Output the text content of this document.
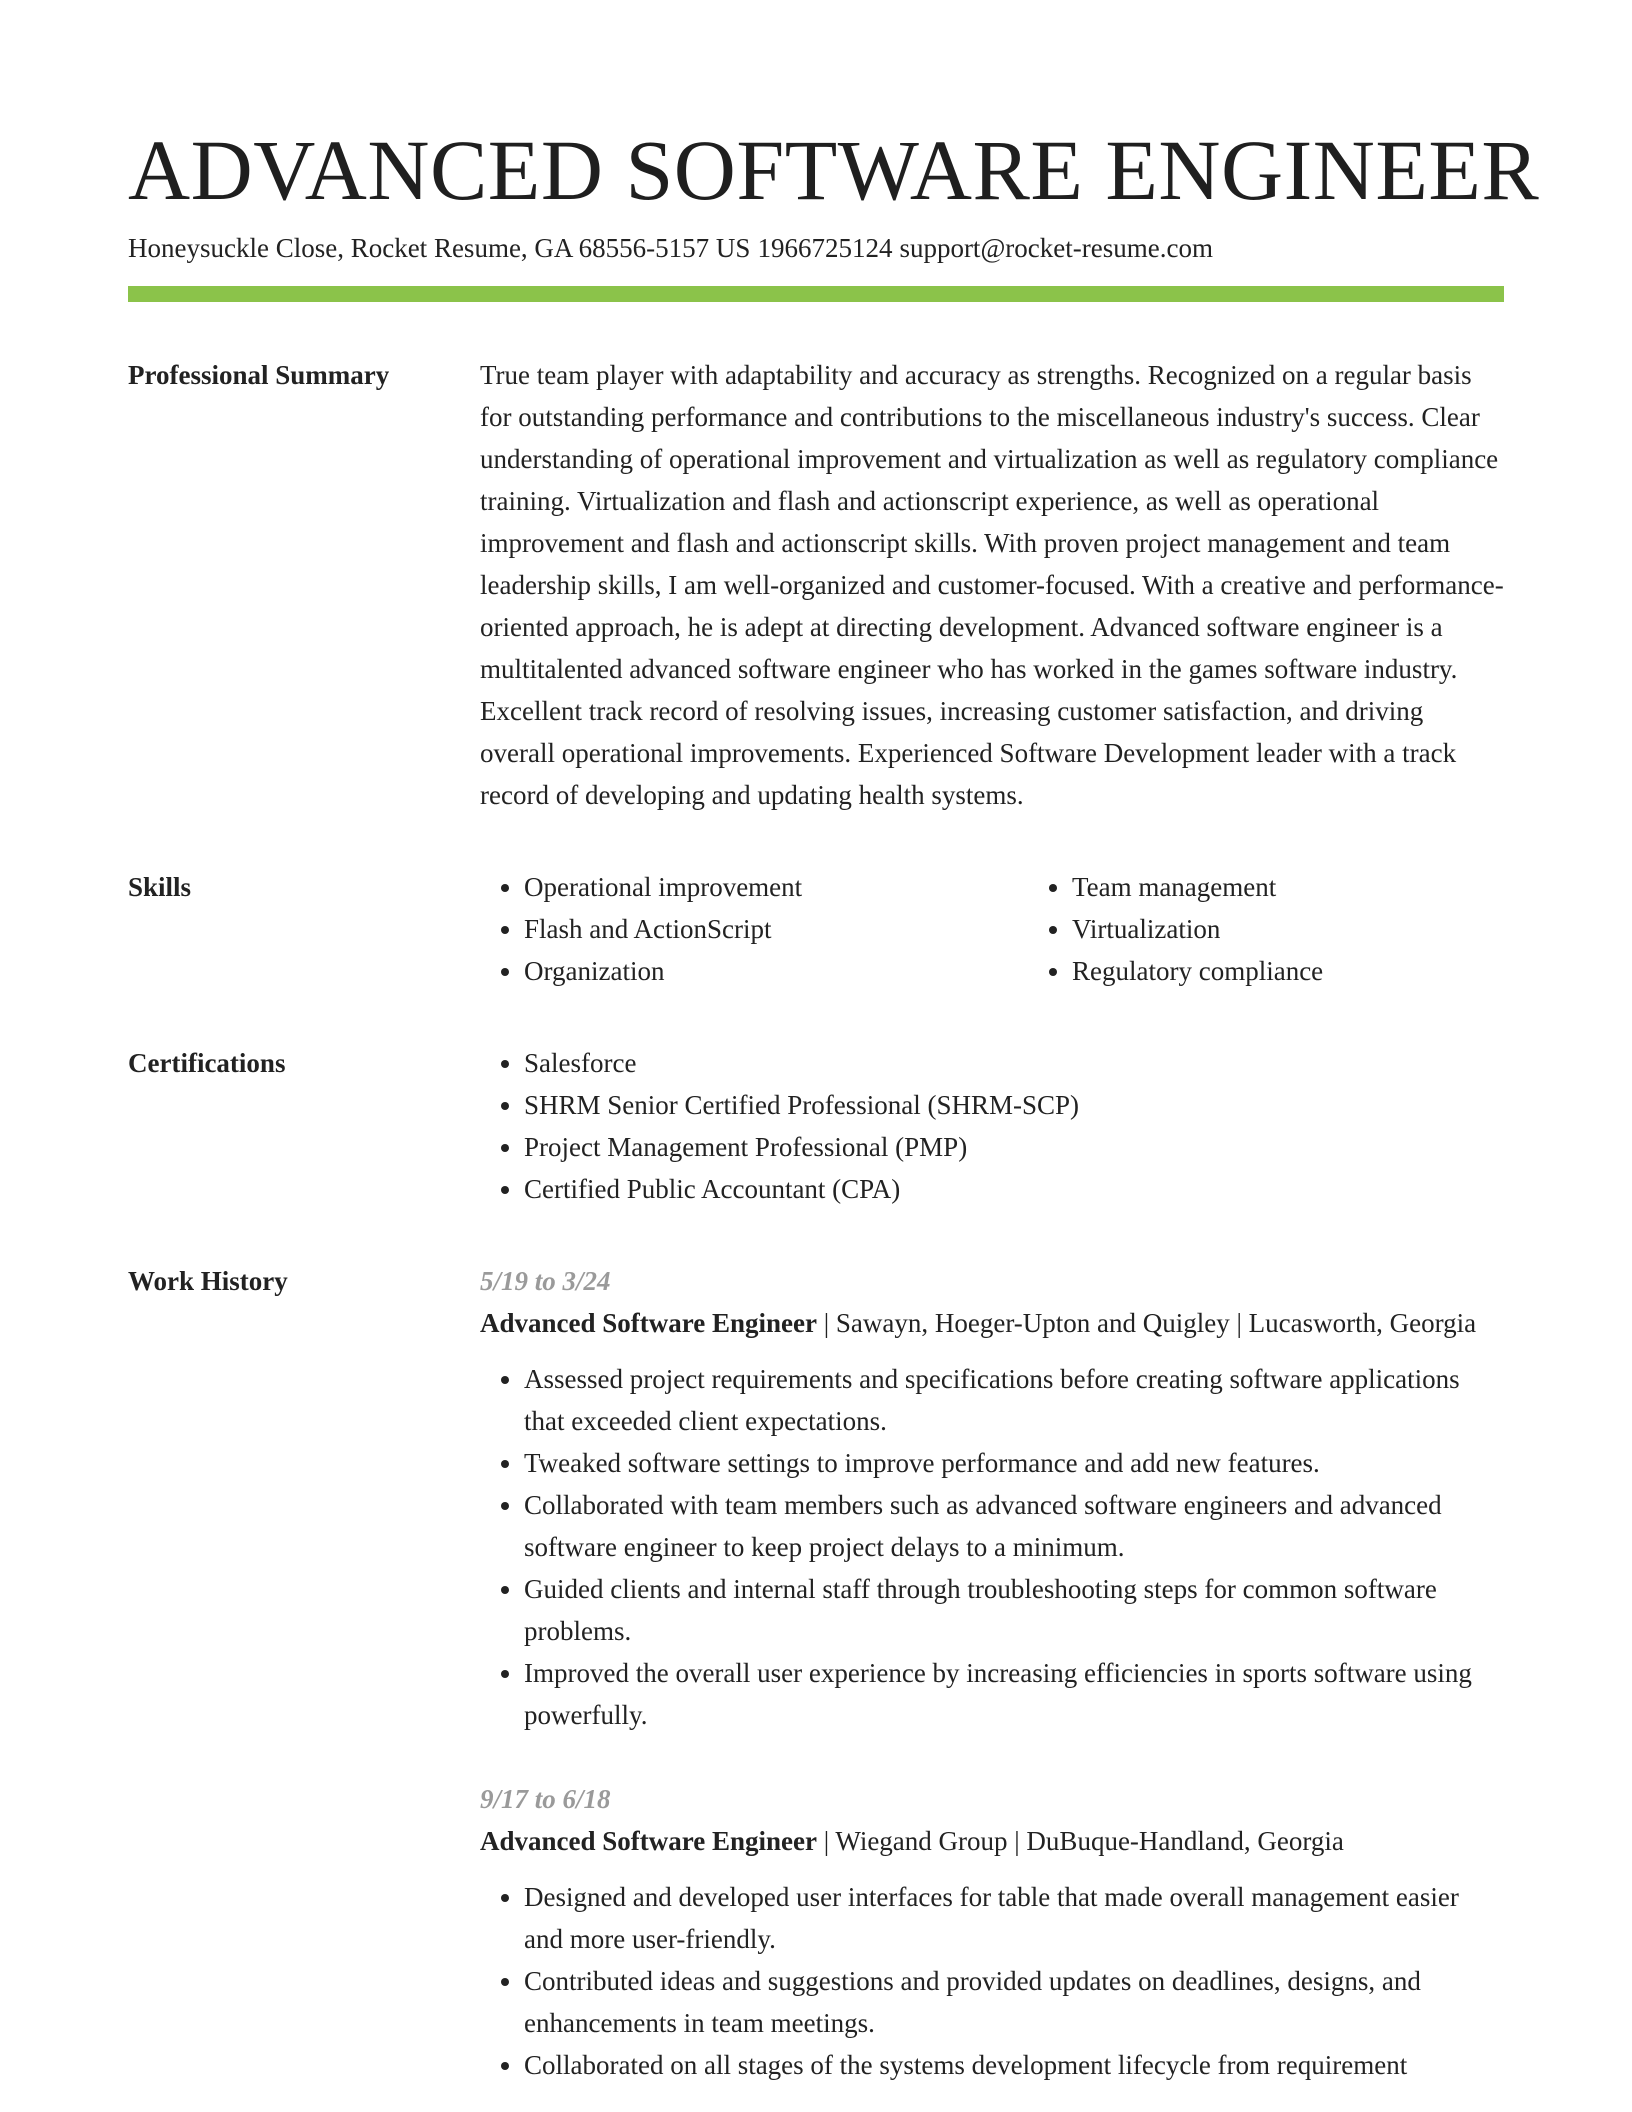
ADVANCED SOFTWARE ENGINEER
Honeysuckle Close, Rocket Resume, GA 68556-5157 US 1966725124 support@rocket-resume.com
Professional Summary	True team player with adaptability and accuracy as strengths. Recognized on a regular basis for outstanding performance and contributions to the miscellaneous industry's success. Clear understanding of operational improvement and virtualization as well as regulatory compliance training. Virtualization and flash and actionscript experience, as well as operational improvement and flash and actionscript skills. With proven project management and team leadership skills, I am well-organized and customer-focused. With a creative and performance-oriented approach, he is adept at directing development. Advanced software engineer is a multitalented advanced software engineer who has worked in the games software industry. Excellent track record of resolving issues, increasing customer satisfaction, and driving overall operational improvements. Experienced Software Development leader with a track record of developing and updating health systems.

Skills	• Operational improvement
• Flash and ActionScript
• Organization
• Team management
• Virtualization
• Regulatory compliance
Certifications	• Salesforce
• SHRM Senior Certified Professional (SHRM-SCP)
• Project Management Professional (PMP)
• Certified Public Accountant (CPA)
Work History	5/19 to 3/24
Advanced Software Engineer | Sawayn, Hoeger-Upton and Quigley | Lucasworth, Georgia
• Assessed project requirements and specifications before creating software applications that exceeded client expectations.
• Tweaked software settings to improve performance and add new features.
• Collaborated with team members such as advanced software engineers and advanced software engineer to keep project delays to a minimum.
• Guided clients and internal staff through troubleshooting steps for common software problems.
• Improved the overall user experience by increasing efficiencies in sports software using powerfully.
9/17 to 6/18
Advanced Software Engineer | Wiegand Group | DuBuque-Handland, Georgia
• Designed and developed user interfaces for table that made overall management easier and more user-friendly.
• Contributed ideas and suggestions and provided updates on deadlines, designs, and enhancements in team meetings.
• Collaborated on all stages of the systems development lifecycle from requirement
